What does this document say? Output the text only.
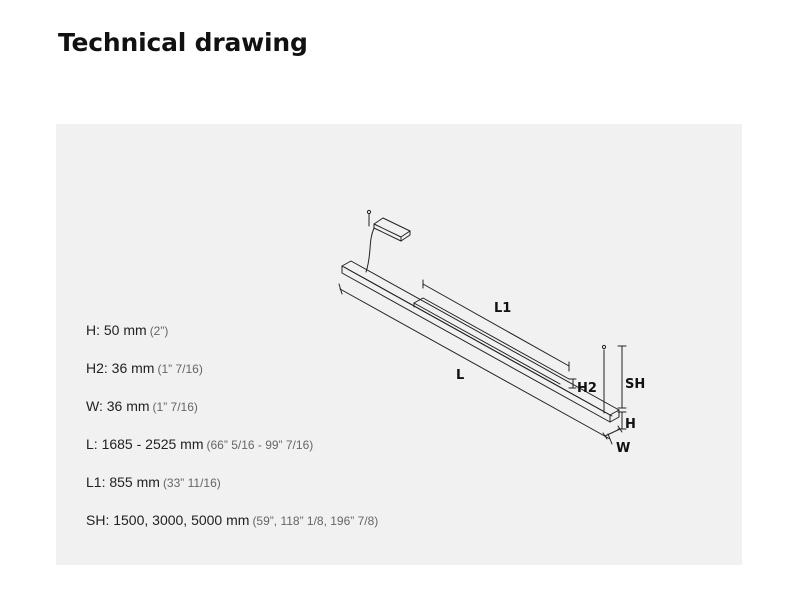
Technical drawing
H: 50 mm (2”)
H2: 36 mm (1” 7/16)
W: 36 mm (1” 7/16)
L: 1685 - 2525 mm (66” 5/16 - 99” 7/16)
L1: 855 mm (33” 11/16)
SH: 1500, 3000, 5000 mm (59”, 118” 1/8, 196” 7/8)
L1
L
H2 SH
H
W
